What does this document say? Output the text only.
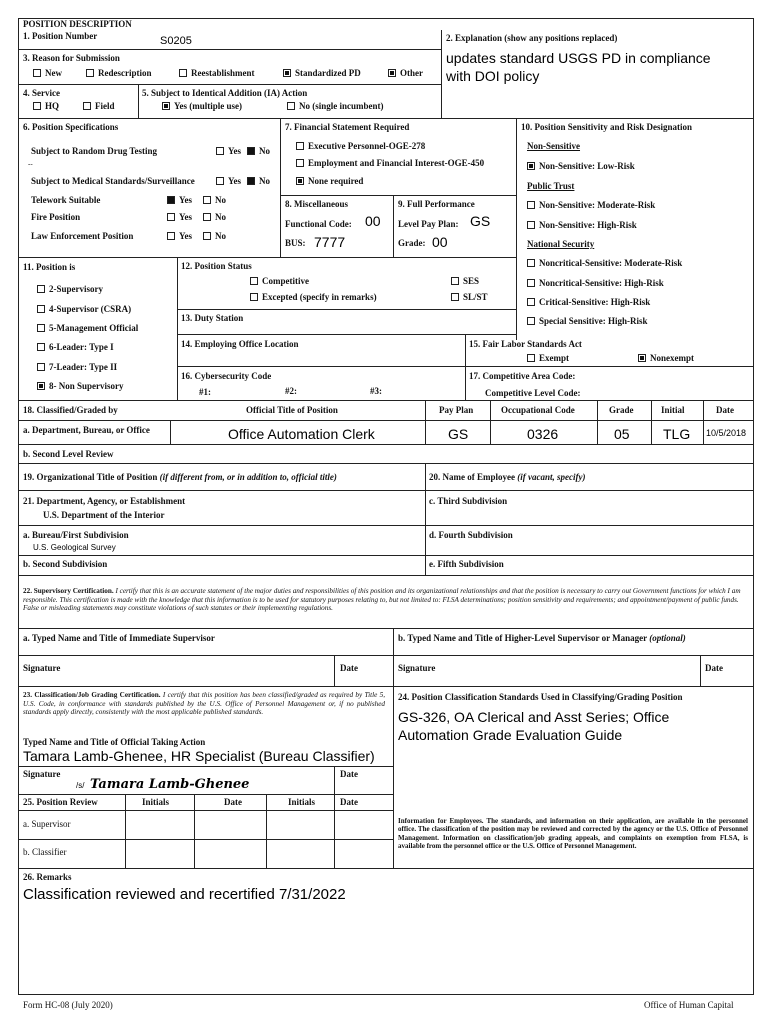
POSITION DESCRIPTION
1. Position Number	S0205	2. Explanation (show any positions replaced)
updates standard USGS PD in compliance
with DOI policy
3. Reason for Submission
New	Redescription	Reestablishment	Standardized PD	Other
4. Service
HQ	Field
5. Subject to Identical Addition (IA) Action
Yes (multiple use)	No (single incumbent)
6. Position Specifications
Subject to Random Drug Testing	Yes	No
--
Subject to Medical Standards/Surveillance	Yes	No
Telework Suitable	Yes	No
Fire Position	Yes	No
Law Enforcement Position	Yes	No
7. Financial Statement Required
Executive Personnel-OGE-278
Employment and Financial Interest-OGE-450
None required
8. Miscellaneous
Functional Code: 00
BUS: 7777
9. Full Performance
Level Pay Plan: GS
Grade: 00
10. Position Sensitivity and Risk Designation
Non-Sensitive
Non-Sensitive: Low-Risk
Public Trust
Non-Sensitive: Moderate-Risk
Non-Sensitive: High-Risk
National Security
Noncritical-Sensitive: Moderate-Risk
Noncritical-Sensitive: High-Risk
Critical-Sensitive: High-Risk
Special Sensitive: High-Risk
11. Position is
2-Supervisory
4-Supervisor (CSRA)
5-Management Official
6-Leader: Type I
7-Leader: Type II
8- Non Supervisory
12. Position Status
Competitive
Excepted (specify in remarks)
SES
SL/ST
13. Duty Station
14. Employing Office Location	15. Fair Labor Standards Act
Exempt	Nonexempt
16. Cybersecurity Code
#1:	#2:	#3:
17. Competitive Area Code:
Competitive Level Code:
18. Classified/Graded by	Official Title of Position	Pay Plan	Occupational Code	Grade	Initial	Date
a. Department, Bureau, or Office	Office Automation Clerk	GS	0326	05 TLG 10/5/2018
b. Second Level Review
19. Organizational Title of Position (if different from, or in addition to, official title)	20. Name of Employee (if vacant, specify)
21. Department, Agency, or Establishment
U.S. Department of the Interior
c. Third Subdivision
a. Bureau/First Subdivision
U.S. Geological Survey
d. Fourth Subdivision
b. Second Subdivision	e. Fifth Subdivision
22. Supervisory Certification. I certify that this is an accurate statement of the major duties and responsibilities of this position and its organizational relationships and that the position is necessary to carry out Government functions for which I am responsible. This certification is made with the knowledge that this information is to be used for statutory purposes relating to, but not limited to: FLSA determinations; position sensitivity and requirements; and appointment/payment of public funds. False or misleading statements may constitute violations of such statutes or their implementing regulations.
a. Typed Name and Title of Immediate Supervisor	b. Typed Name and Title of Higher-Level Supervisor or Manager (optional)
Signature	Date	Signature	Date
23. Classification/Job Grading Certification. I certify that this position has been classified/graded as required by Title 5, U.S. Code, in conformance with standards published by the U.S. Office of Personnel Management or, if no published standards apply directly, consistently with the most applicable published standards.
Typed Name and Title of Official Taking Action
Tamara Lamb-Ghenee, HR Specialist (Bureau Classifier)
Signature	Date
/s/ Tamara Lamb-Ghenee
24. Position Classification Standards Used in Classifying/Grading Position
GS-326, OA Clerical and Asst Series; Office
Automation Grade Evaluation Guide
25. Position Review	Initials	Date	Initials	Date
a. Supervisor
b. Classifier
Information for Employees. The standards, and information on their application, are available in the personnel office. The classification of the position may be reviewed and corrected by the agency or the U.S. Office of Personnel Management. Information on classification/job grading appeals, and complaints on exemption from FLSA, is available from the personnel office or the U.S. Office of Personnel Management.
26. Remarks
Classification reviewed and recertified 7/31/2022
Form HC-08 (July 2020)	Office of Human Capital
